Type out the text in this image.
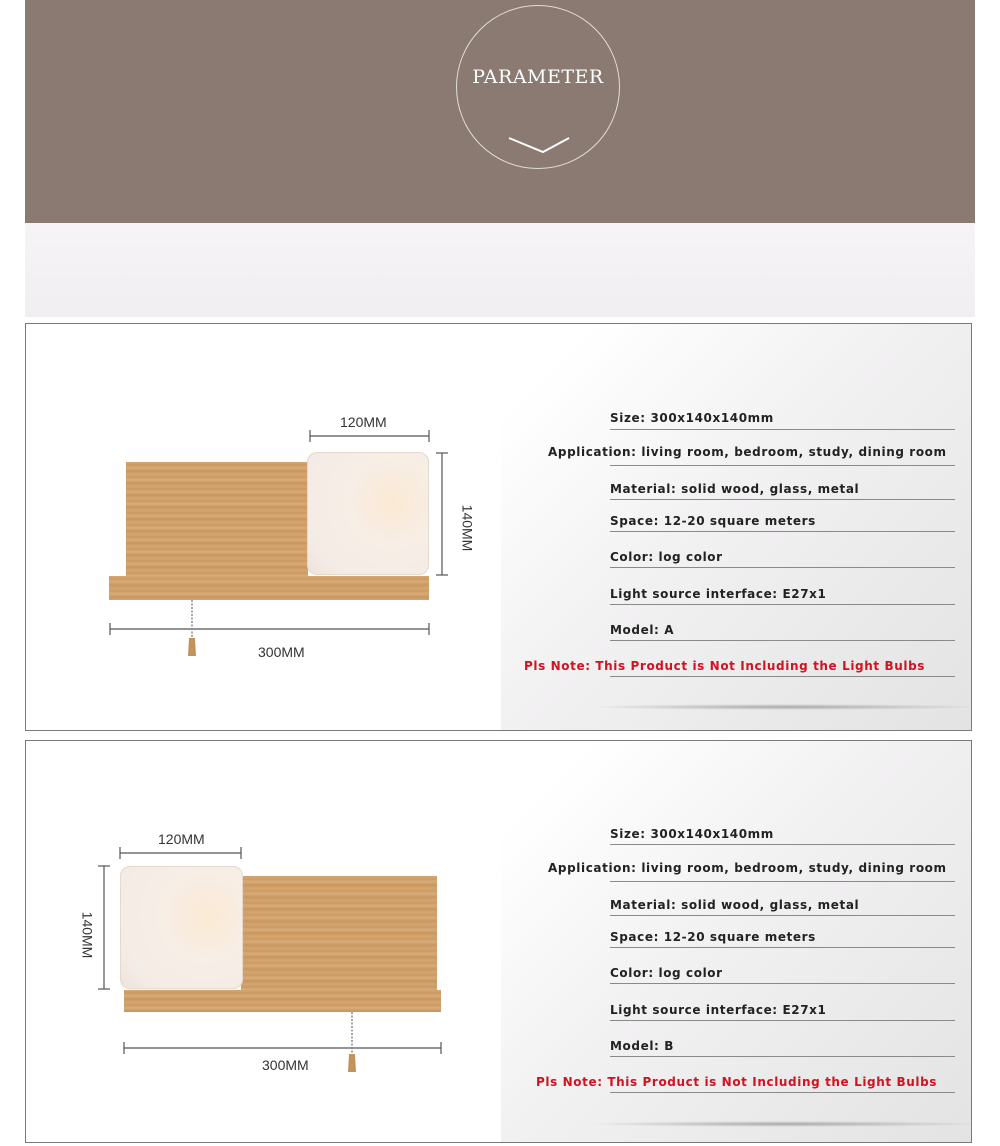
PARAMETER
120MM
140MM
300MM
Size: 300x140x140mm
Application: living room, bedroom, study, dining room
Material: solid wood, glass, metal
Space: 12-20 square meters
Color: log color
Light source interface: E27x1
Model: A
Pls Note: This Product is Not Including the Light Bulbs
120MM
140MM
300MM
Size: 300x140x140mm
Application: living room, bedroom, study, dining room
Material: solid wood, glass, metal
Space: 12-20 square meters
Color: log color
Light source interface: E27x1
Model: B
Pls Note: This Product is Not Including the Light Bulbs
